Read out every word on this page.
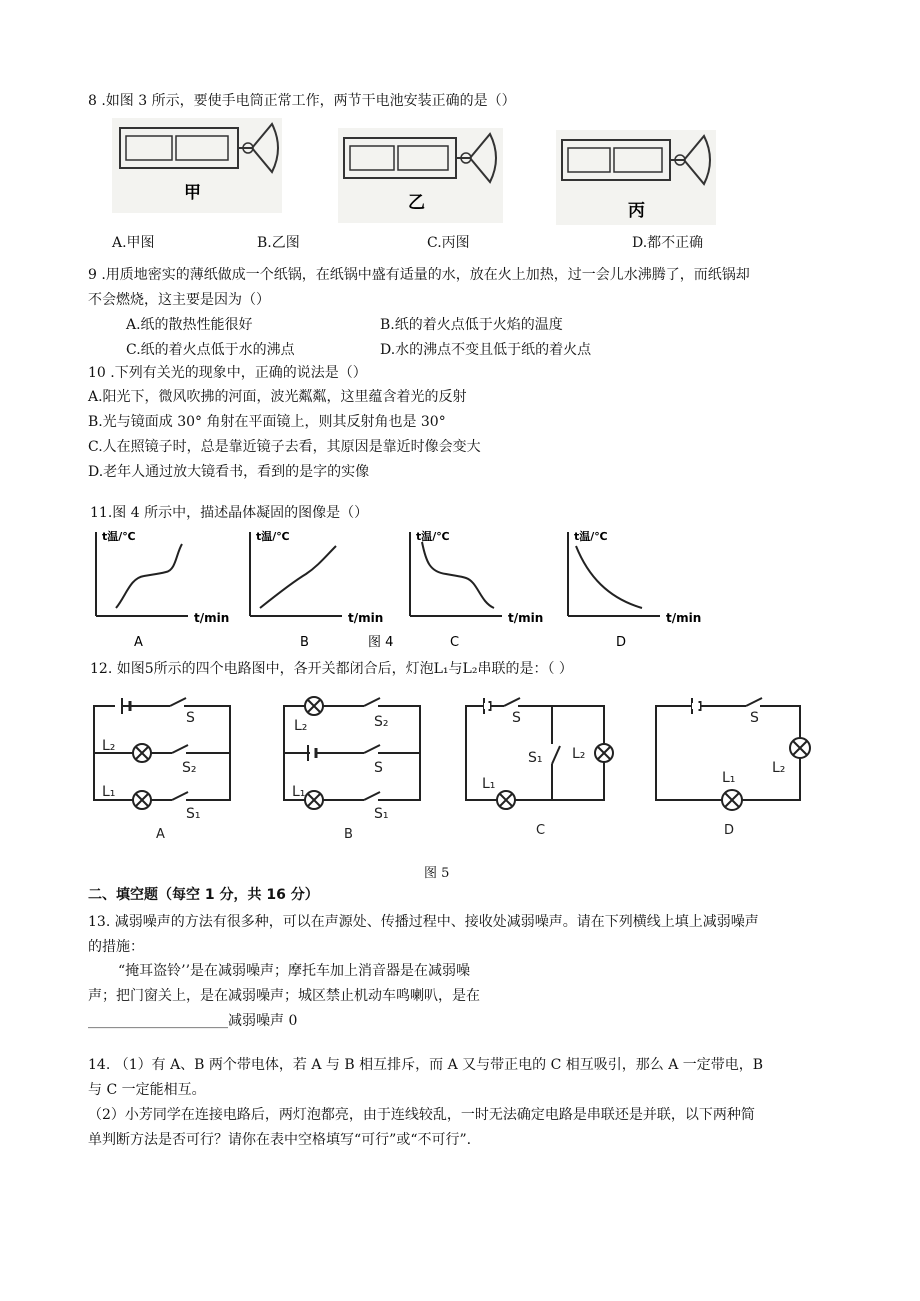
8 .如图 3 所示，要使手电筒正常工作，两节干电池安装正确的是（）
甲	乙	丙
A.甲图	B.乙图	C.丙图	D.都不正确
9 .用质地密实的薄纸做成一个纸锅，在纸锅中盛有适量的水，放在火上加热，过一会儿水沸腾了，而纸锅却
不会燃烧，这主要是因为（）
A.纸的散热性能很好	B.纸的着火点低于火焰的温度
C.纸的着火点低于水的沸点	D.水的沸点不变且低于纸的着火点
10 .下列有关光的现象中，正确的说法是（）
A.阳光下，微风吹拂的河面，波光粼粼，这里蕴含着光的反射
B.光与镜面成 30° 角射在平面镜上，则其反射角也是 30°
C.人在照镜子时，总是靠近镜子去看，其原因是靠近时像会变大
D.老年人通过放大镜看书，看到的是字的实像
11.图 4 所示中，描述晶体凝固的图像是（）
t温/℃
t/min
A
t温/℃
t/min
B
t温/℃
t/min
C
t温/℃
t/min
D
图 4
12. 如图5所示的四个电路图中，各开关都闭合后，灯泡L₁与L₂串联的是：（ ）
S
L₂
S₂
L₁
S₁
A
L₂	S₂
S
L₁
S₁
B
S
S₁ L₂
L₁
C
S
L₂
L₁
D
图 5
二、填空题（每空 1 分，共 16 分）
13. 减弱噪声的方法有很多种，可以在声源处、传播过程中、接收处减弱噪声。请在下列横线上填上减弱噪声
的措施：
“掩耳盗铃’’是在减弱噪声；摩托车加上消音器是在减弱噪
声；把门窗关上，是在减弱噪声；城区禁止机动车鸣喇叭，是在
____________________减弱噪声 0
14. （1）有 A、B 两个带电体，若 A 与 B 相互排斥，而 A 又与带正电的 C 相互吸引，那么 A 一定带电，B
与 C 一定能相互。
（2）小芳同学在连接电路后，两灯泡都亮，由于连线较乱，一时无法确定电路是串联还是并联，以下两种简
单判断方法是否可行？请你在表中空格填写“可行”或“不可行”.
